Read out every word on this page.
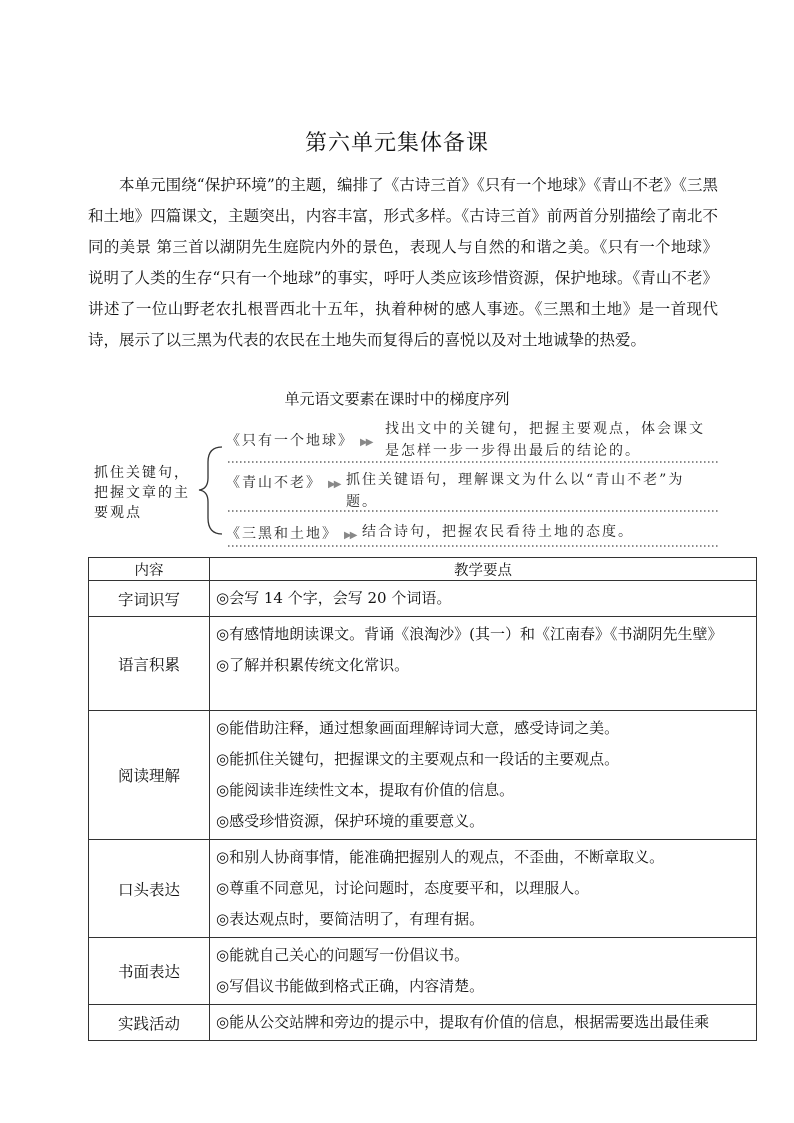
第六单元集体备课
本单元围绕“保护环境”的主题，编排了《古诗三首》《只有一个地球》《青山不老》《三黑和土地》四篇课文，主题突出，内容丰富，形式多样。《古诗三首》前两首分别描绘了南北不同的美景 第三首以湖阴先生庭院内外的景色，表现人与自然的和谐之美。《只有一个地球》说明了人类的生存“只有一个地球”的事实，呼吁人类应该珍惜资源，保护地球。《青山不老》讲述了一位山野老农扎根晋西北十五年，执着种树的感人事迹。《三黑和土地》是一首现代诗，展示了以三黑为代表的农民在土地失而复得后的喜悦以及对土地诚挚的热爱。
单元语文要素在课时中的梯度序列
抓住关键句，把握文章的主要观点
《只有一个地球》 ▶▶
找出文中的关键句，把握主要观点，体会课文是怎样一步一步得出最后的结论的。
《青山不老》 ▶▶ 抓住关键语句，理解课文为什么以“青山不老”为题。
《三黑和土地》 ▶▶ 结合诗句，把握农民看待土地的态度。
内容	教学要点
字词识写	◎会写 14 个字，会写 20 个词语。

语言积累	◎有感情地朗读课文。背诵《浪淘沙》(其一）和《江南春》《书湖阴先生壁》
◎了解并积累传统文化常识。

阅读理解	◎能借助注释，通过想象画面理解诗词大意，感受诗词之美。
◎能抓住关键句，把握课文的主要观点和一段话的主要观点。
◎能阅读非连续性文本，提取有价值的信息。
◎感受珍惜资源，保护环境的重要意义。

口头表达	◎和别人协商事情，能准确把握别人的观点，不歪曲，不断章取义。
◎尊重不同意见，讨论问题时，态度要平和，以理服人。
◎表达观点时，要简洁明了，有理有据。

书面表达	◎能就自己关心的问题写一份倡议书。
◎写倡议书能做到格式正确，内容清楚。

实践活动	◎能从公交站牌和旁边的提示中，提取有价值的信息，根据需要选出最佳乘
